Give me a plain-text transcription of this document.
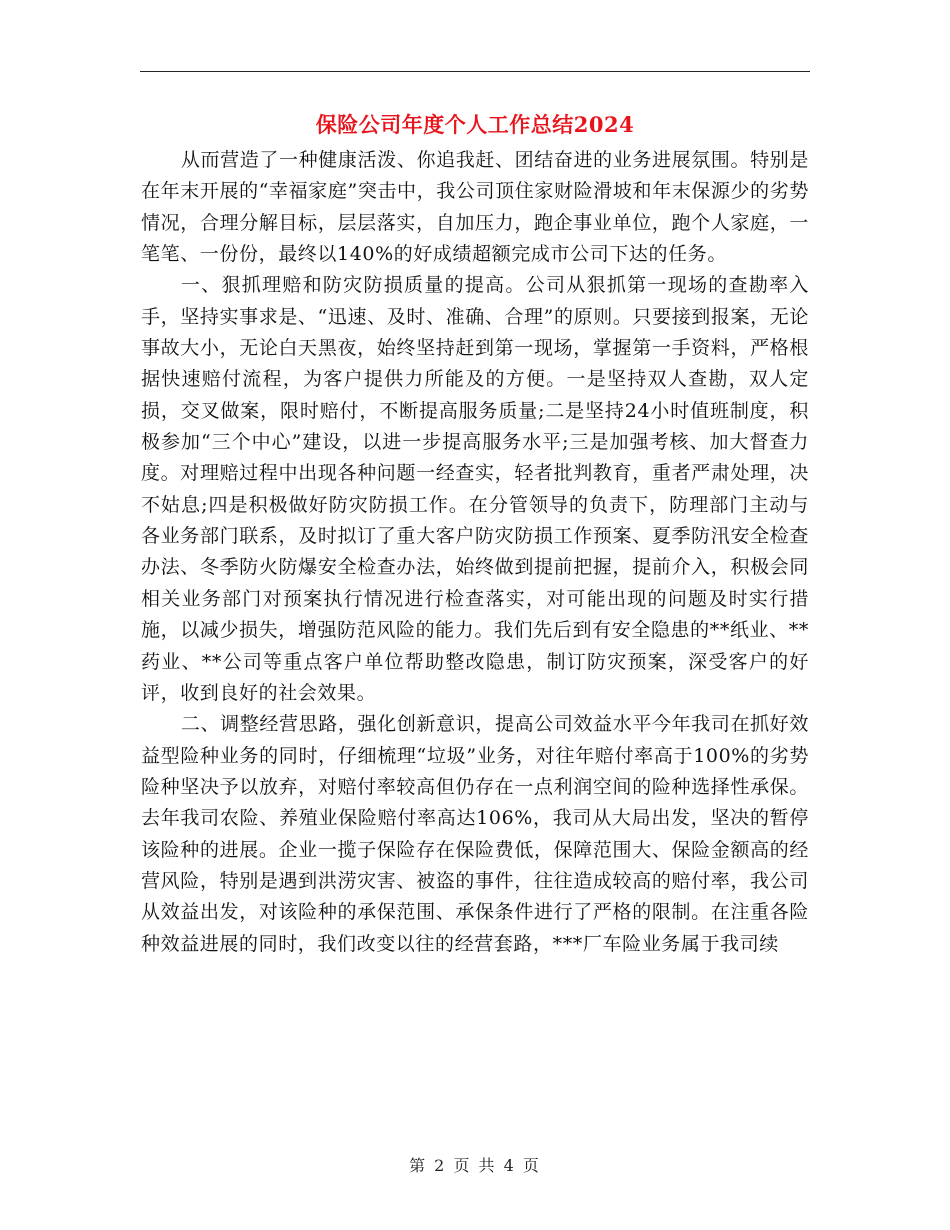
保险公司年度个人工作总结2024

从而营造了一种健康活泼、你追我赶、团结奋进的业务进展氛围。特别是在年末开展的“幸福家庭”突击中，我公司顶住家财险滑坡和年末保源少的劣势情况，合理分解目标，层层落实，自加压力，跑企事业单位，跑个人家庭，一笔笔、一份份，最终以140%的好成绩超额完成市公司下达的任务。

一、狠抓理赔和防灾防损质量的提高。公司从狠抓第一现场的查勘率入手，坚持实事求是、“迅速、及时、准确、合理”的原则。只要接到报案，无论事故大小，无论白天黑夜，始终坚持赶到第一现场，掌握第一手资料，严格根据快速赔付流程，为客户提供力所能及的方便。一是坚持双人查勘，双人定损，交叉做案，限时赔付，不断提高服务质量;二是坚持24小时值班制度，积极参加“三个中心”建设，以进一步提高服务水平;三是加强考核、加大督查力度。对理赔过程中出现各种问题一经查实，轻者批判教育，重者严肃处理，决不姑息;四是积极做好防灾防损工作。在分管领导的负责下，防理部门主动与各业务部门联系，及时拟订了重大客户防灾防损工作预案、夏季防汛安全检查办法、冬季防火防爆安全检查办法，始终做到提前把握，提前介入，积极会同相关业务部门对预案执行情况进行检查落实，对可能出现的问题及时实行措施，以减少损失，增强防范风险的能力。我们先后到有安全隐患的**纸业、**药业、**公司等重点客户单位帮助整改隐患，制订防灾预案，深受客户的好评，收到良好的社会效果。

二、调整经营思路，强化创新意识，提高公司效益水平今年我司在抓好效益型险种业务的同时，仔细梳理“垃圾”业务，对往年赔付率高于100%的劣势险种坚决予以放弃，对赔付率较高但仍存在一点利润空间的险种选择性承保。去年我司农险、养殖业保险赔付率高达106%，我司从大局出发，坚决的暂停该险种的进展。企业一揽子保险存在保险费低，保障范围大、保险金额高的经营风险，特别是遇到洪涝灾害、被盗的事件，往往造成较高的赔付率，我公司从效益出发，对该险种的承保范围、承保条件进行了严格的限制。在注重各险种效益进展的同时，我们改变以往的经营套路，***厂车险业务属于我司续

第 2 页 共 4 页
